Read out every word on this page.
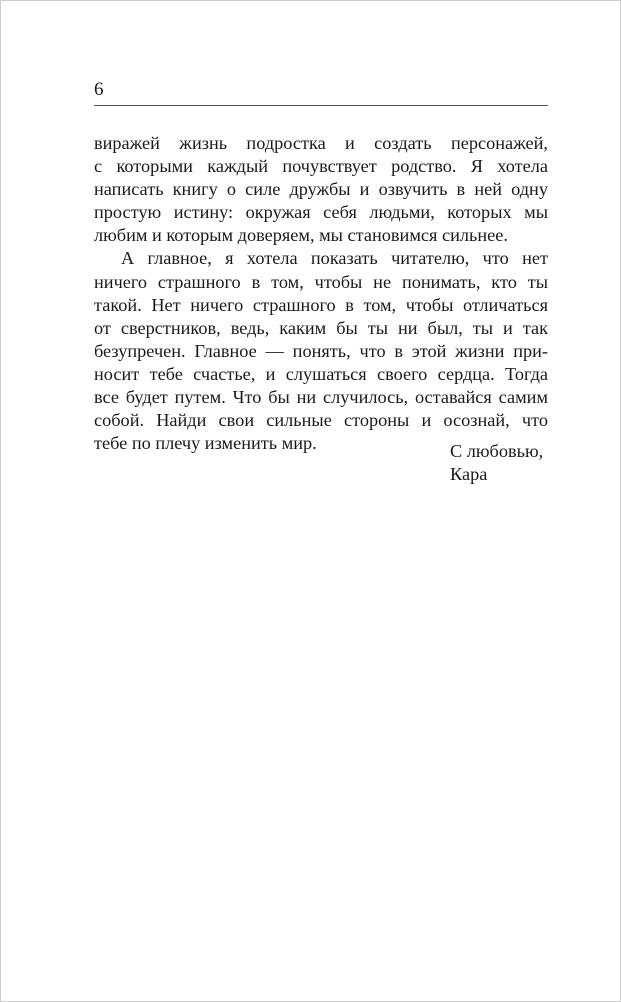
6
виражей жизнь подростка и создать персонажей,
с которыми каждый почувствует родство. Я хотела
написать книгу о силе дружбы и озвучить в ней одну
простую истину: окружая себя людьми, которых мы
любим и которым доверяем, мы становимся сильнее.
А главное, я хотела показать читателю, что нет
ничего страшного в том, чтобы не понимать, кто ты
такой. Нет ничего страшного в том, чтобы отличаться
от сверстников, ведь, каким бы ты ни был, ты и так
безупречен. Главное — понять, что в этой жизни при-
носит тебе счастье, и слушаться своего сердца. Тогда
все будет путем. Что бы ни случилось, оставайся самим
собой. Найди свои сильные стороны и осознай, что
тебе по плечу изменить мир.	С любовью,
Кара
